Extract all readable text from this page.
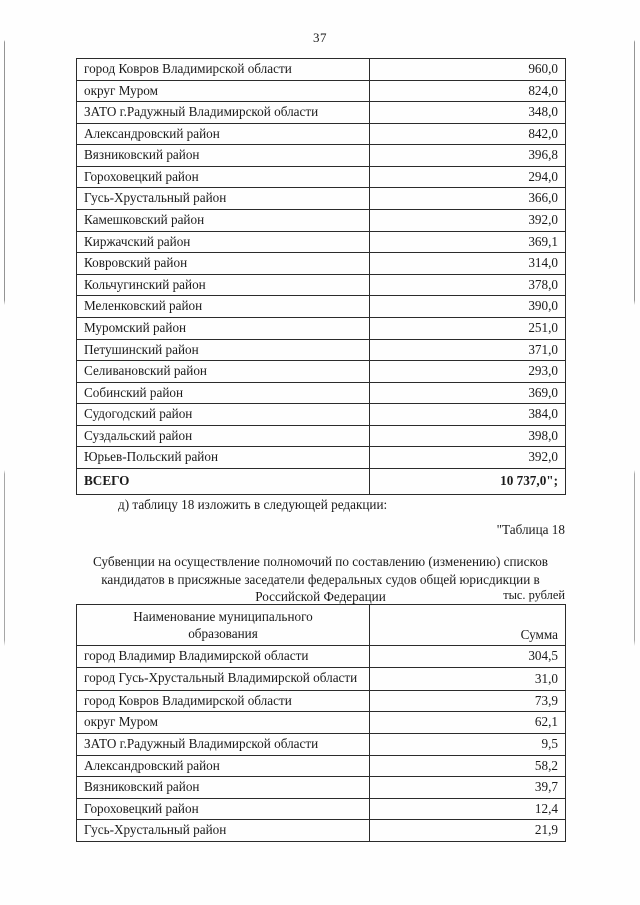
37
город Ковров Владимирской области	960,0
округ Муром	824,0
ЗАТО г.Радужный Владимирской области	348,0
Александровский район	842,0
Вязниковский район	396,8
Гороховецкий район	294,0
Гусь-Хрустальный район	366,0
Камешковский район	392,0
Киржачский район	369,1
Ковровский район	314,0
Кольчугинский район	378,0
Меленковский район	390,0
Муромский район	251,0
Петушинский район	371,0
Селивановский район	293,0
Собинский район	369,0
Судогодский район	384,0
Суздальский район	398,0
Юрьев-Польский район	392,0
ВСЕГО	10 737,0";
д) таблицу 18 изложить в следующей редакции:
"Таблица 18
Субвенции на осуществление полномочий по составлению (изменению) списков
кандидатов в присяжные заседатели федеральных судов общей юрисдикции в
Российской Федерации	тыс. рублей
Наименование муниципального
образования	Сумма
город Владимир Владимирской области	304,5
город Гусь-Хрустальный Владимирской области	31,0
город Ковров Владимирской области	73,9
округ Муром	62,1
ЗАТО г.Радужный Владимирской области	9,5
Александровский район	58,2
Вязниковский район	39,7
Гороховецкий район	12,4
Гусь-Хрустальный район	21,9
